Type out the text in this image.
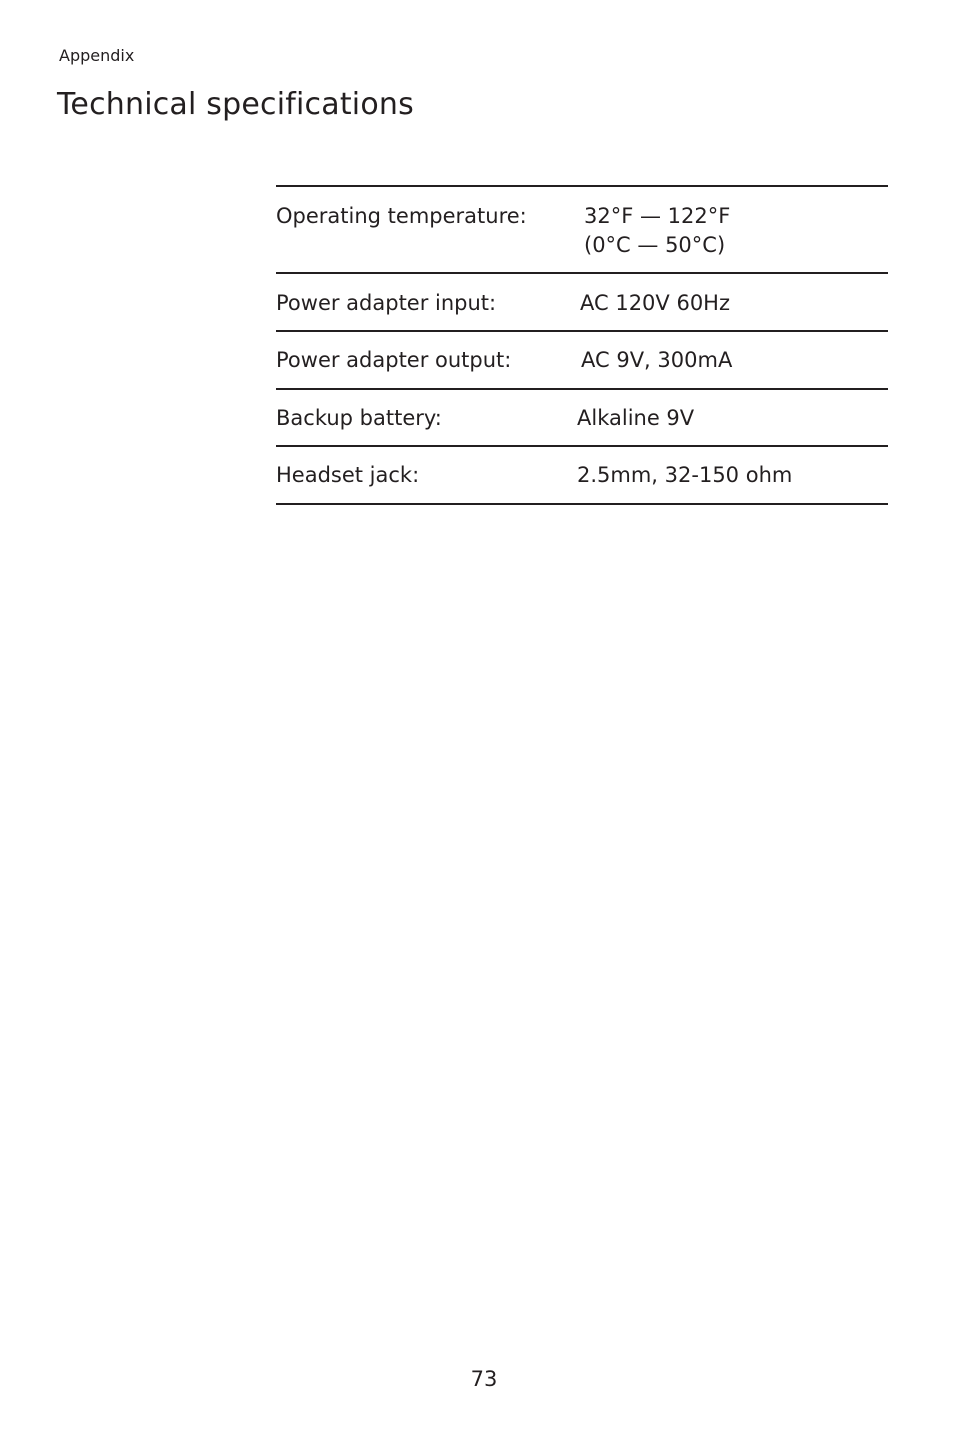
Appendix
Technical specifications
Operating temperature:	32°F — 122°F
(0°C — 50°C)
Power adapter input:	AC 120V 60Hz
Power adapter output:	AC 9V, 300mA
Backup battery:	Alkaline 9V
Headset jack:	2.5mm, 32-150 ohm
73
